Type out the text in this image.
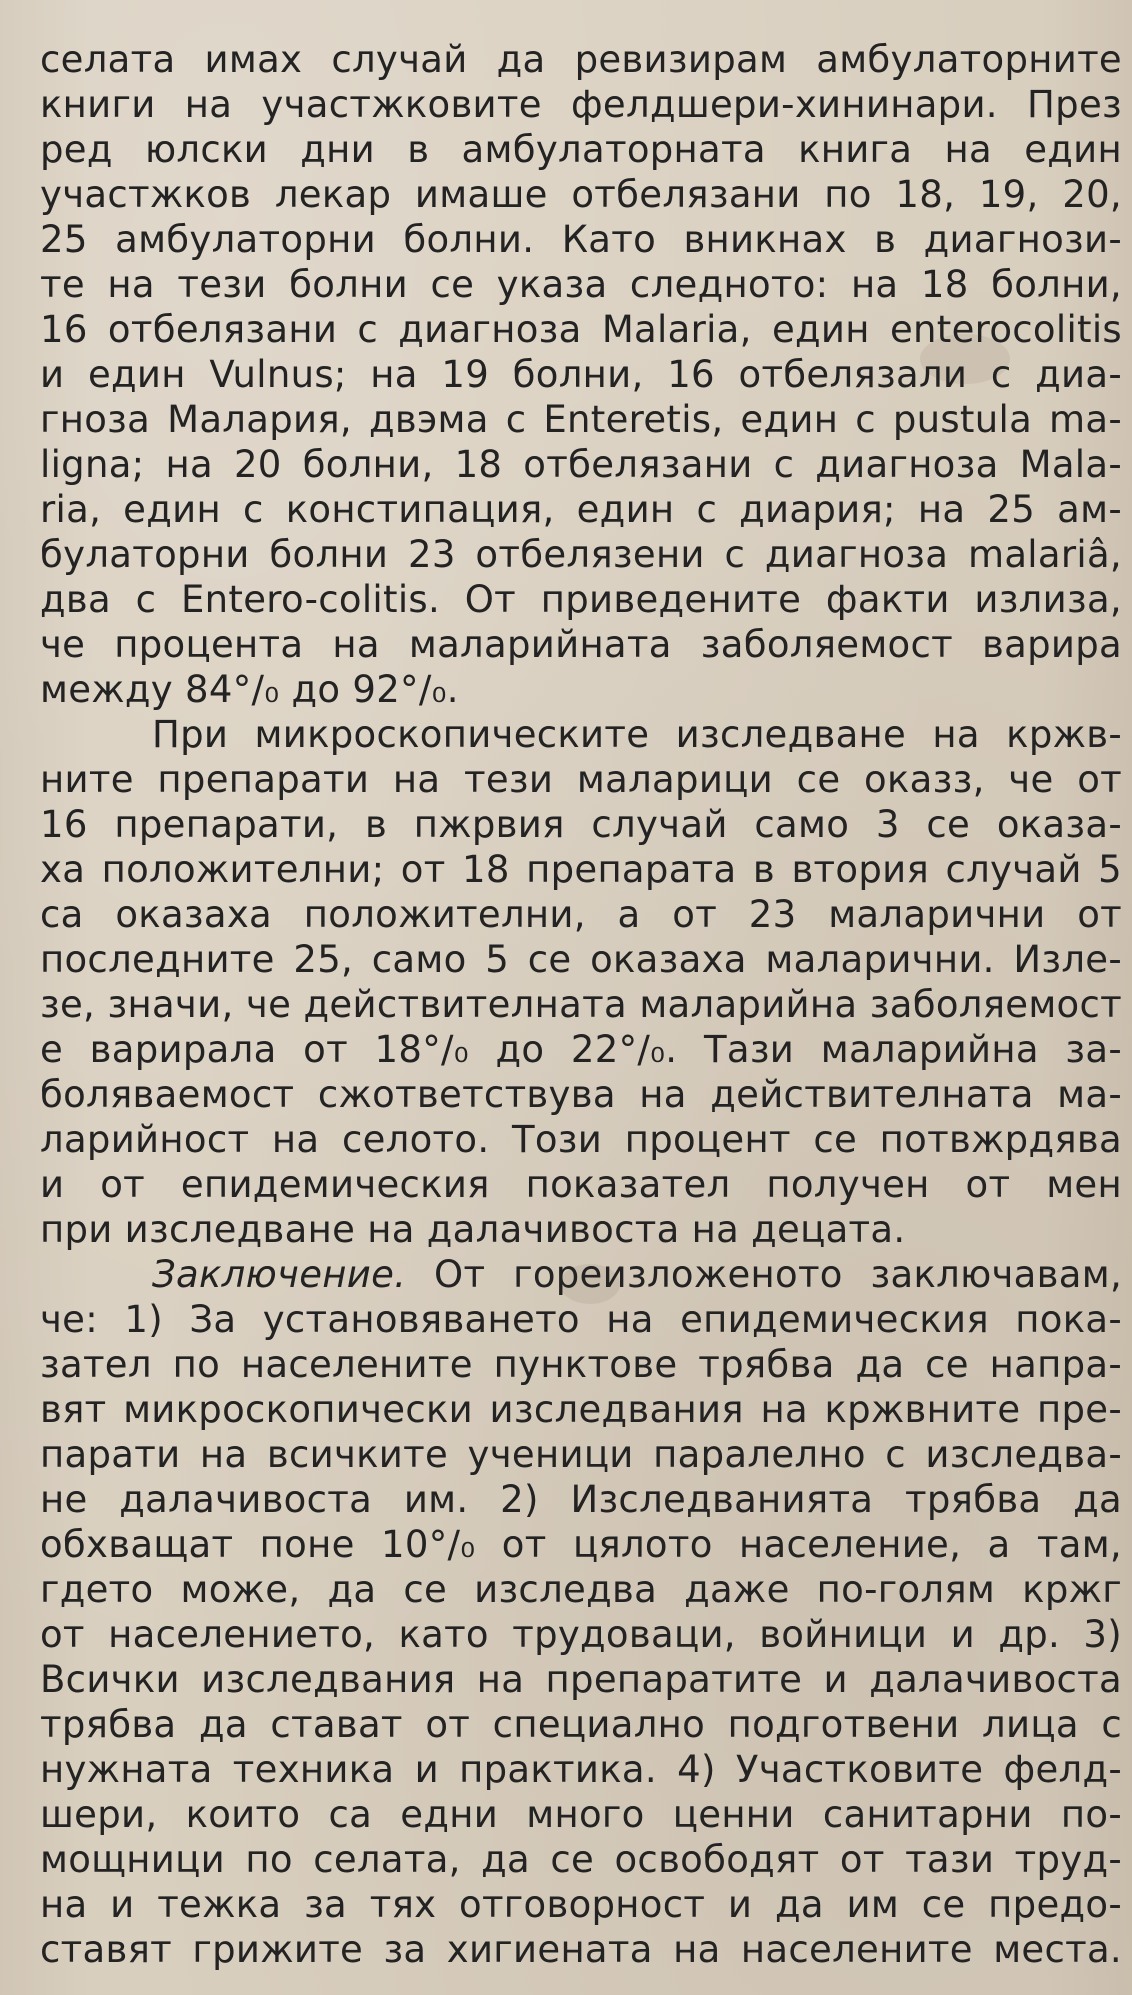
селата имах случай да ревизирам амбулаторните
книги на участжковите фелдшери-хининари. През
ред юлски дни в амбулаторната книга на един
участжков лекар имаше отбелязани по 18, 19, 20,
25 амбулаторни болни. Като вникнах в диагнози-
те на тези болни се указа следното: на 18 болни,
16 отбелязани с диагноза Malaria, един enterocolitis
и един Vulnus; на 19 болни, 16 отбелязали с диа-
гноза Малария, двэма с Enteretis, един с pustula ma-
ligna; на 20 болни, 18 отбелязани с диагноза Mala-
ria, един с констипация, един с диария; на 25 ам-
булаторни болни 23 отбелязени с диагноза malariâ,
два с Entero-colitis. От приведените факти излиза,
че процента на маларийната заболяемост варира
между 84°/₀ до 92°/₀.
При микроскопическите изследване на кржв-
ните препарати на тези маларици се оказз, че от
16 препарати, в пжрвия случай само 3 се оказа-
ха положителни; от 18 препарата в втория случай 5
са оказаха положителни, а от 23 маларични от
последните 25, само 5 се оказаха маларични. Изле-
зе, значи, че действителната маларийна заболяемост
е варирала от 18°/₀ до 22°/₀. Тази маларийна за-
боляваемост сжответствува на действителната ма-
ларийност на селото. Този процент се потвжрдява
и от епидемическия показател получен от мен
при изследване на далачивоста на децата.
Заключение. От гореизложеното заключавам,
че: 1) За установяването на епидемическия пока-
зател по населените пунктове трябва да се напра-
вят микроскопически изследвания на кржвните пре-
парати на всичките ученици паралелно с изследва-
не далачивоста им. 2) Изследванията трябва да
обхващат поне 10°/₀ от цялото население, а там,
гдето може, да се изследва даже по-голям кржг
от населението, като трудоваци, войници и др. 3)
Всички изследвания на препаратите и далачивоста
трябва да стават от специално подготвени лица с
нужната техника и практика. 4) Участковите фелд-
шери, които са едни много ценни санитарни по-
мощници по селата, да се освободят от тази труд-
на и тежка за тях отговорност и да им се предо-
ставят грижите за хигиената на населените места.
